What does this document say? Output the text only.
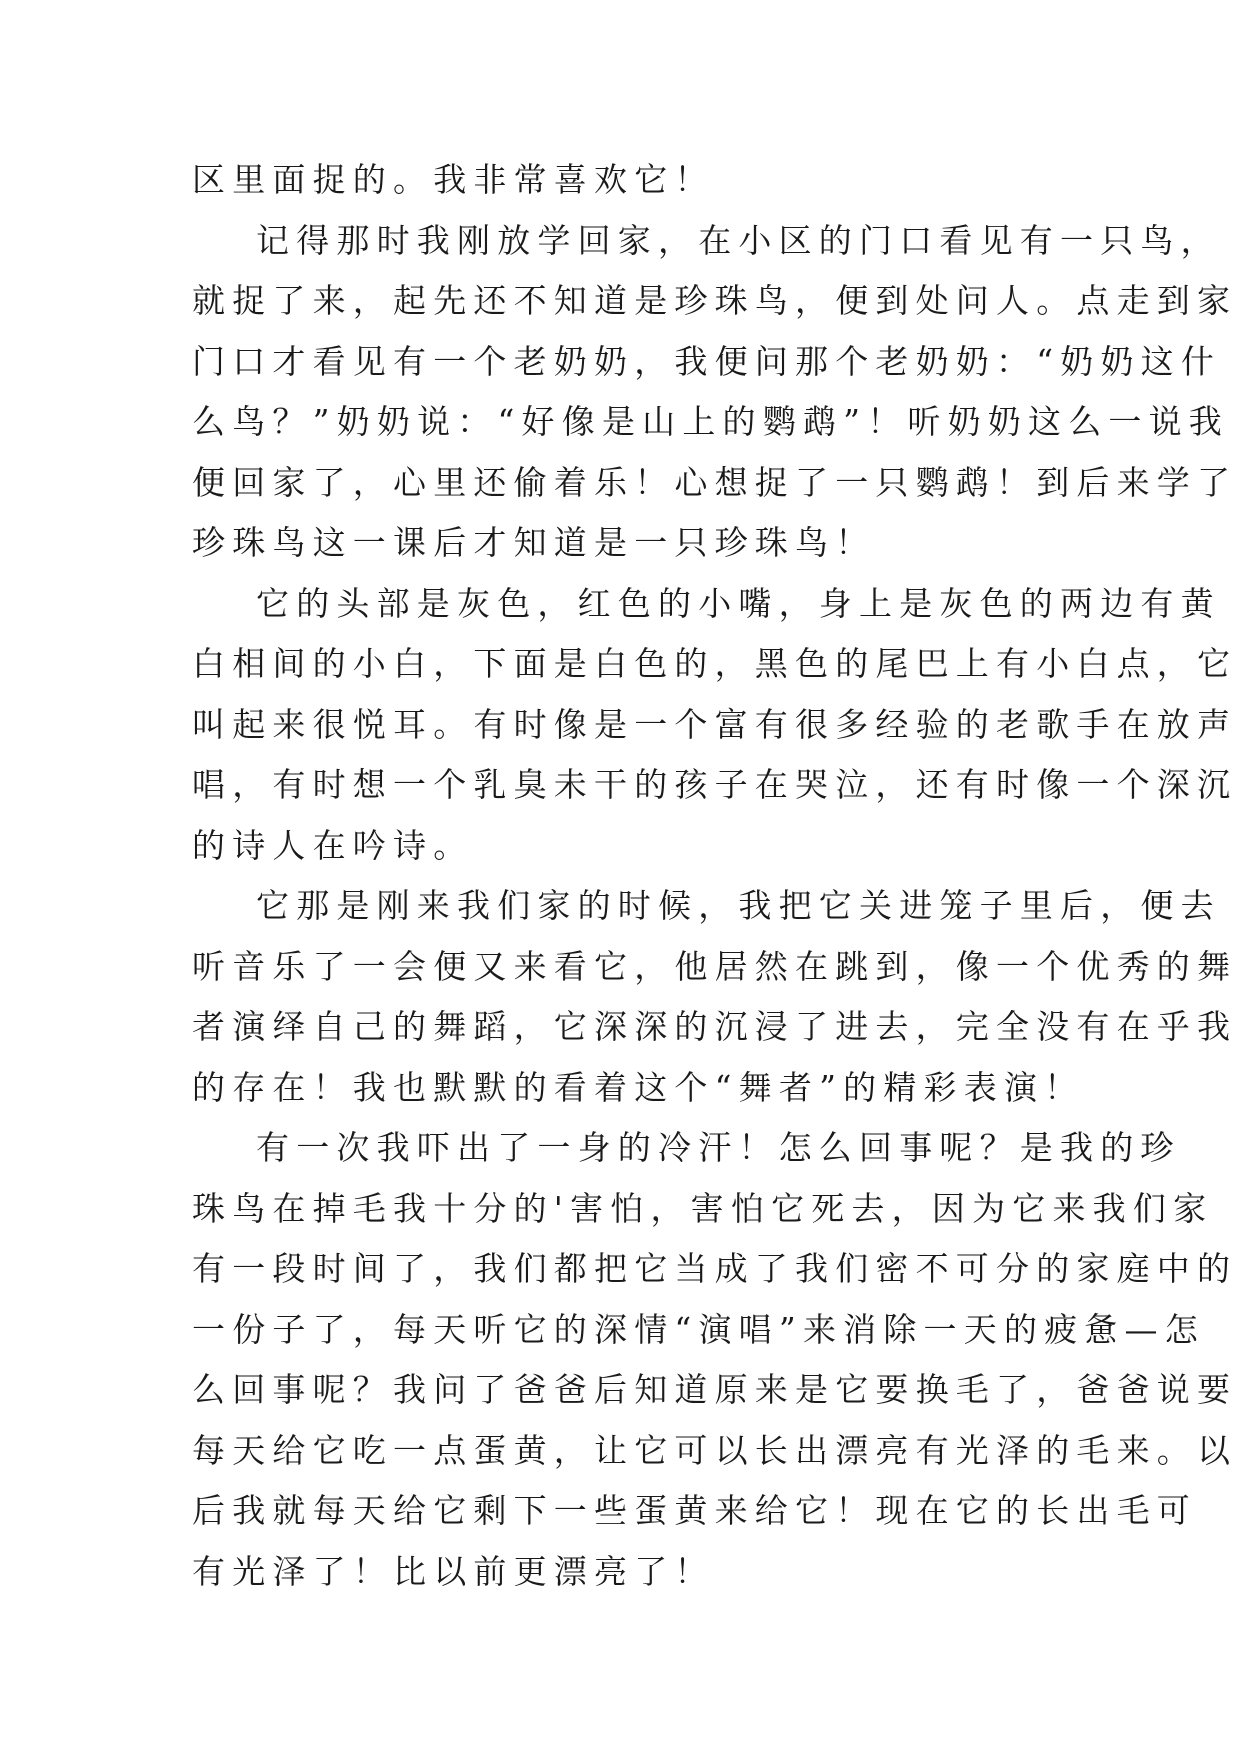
区里面捉的。我非常喜欢它！

记得那时我刚放学回家，在小区的门口看见有一只鸟，
就捉了来，起先还不知道是珍珠鸟，便到处问人。点走到家
门口才看见有一个老奶奶，我便问那个老奶奶：“奶奶这什
么鸟？”奶奶说：“好像是山上的鹦鹉”！听奶奶这么一说我
便回家了，心里还偷着乐！心想捉了一只鹦鹉！到后来学了
珍珠鸟这一课后才知道是一只珍珠鸟！

它的头部是灰色，红色的小嘴，身上是灰色的两边有黄
白相间的小白，下面是白色的，黑色的尾巴上有小白点，它
叫起来很悦耳。有时像是一个富有很多经验的老歌手在放声
唱，有时想一个乳臭未干的孩子在哭泣，还有时像一个深沉
的诗人在吟诗。

它那是刚来我们家的时候，我把它关进笼子里后，便去
听音乐了一会便又来看它，他居然在跳到，像一个优秀的舞
者演绎自己的舞蹈，它深深的沉浸了进去，完全没有在乎我
的存在！我也默默的看着这个“舞者”的精彩表演！

有一次我吓出了一身的冷汗！怎么回事呢？是我的珍
珠鸟在掉毛我十分的'害怕，害怕它死去，因为它来我们家
有一段时间了，我们都把它当成了我们密不可分的家庭中的
一份子了，每天听它的深情“演唱”来消除一天的疲惫—怎
么回事呢？我问了爸爸后知道原来是它要换毛了，爸爸说要
每天给它吃一点蛋黄，让它可以长出漂亮有光泽的毛来。以
后我就每天给它剩下一些蛋黄来给它！现在它的长出毛可
有光泽了！比以前更漂亮了！
